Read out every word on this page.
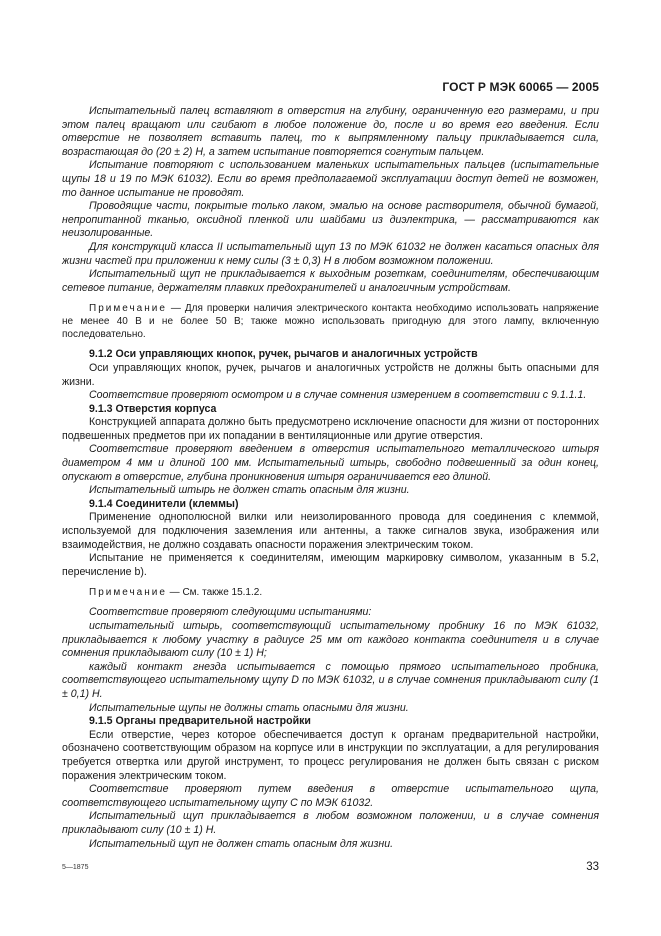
ГОСТ Р МЭК 60065 — 2005

Испытательный палец вставляют в отверстия на глубину, ограниченную его размерами, и при этом палец вращают или сгибают в любое положение до, после и во время его введения. Если отверстие не позволяет вставить палец, то к выпрямленному пальцу прикладывается сила, возрастающая до (20 ± 2) Н, а затем испытание повторяется согнутым пальцем.

Испытание повторяют с использованием маленьких испытательных пальцев (испытательные щупы 18 и 19 по МЭК 61032). Если во время предполагаемой эксплуатации доступ детей не возможен, то данное испытание не проводят.

Проводящие части, покрытые только лаком, эмалью на основе растворителя, обычной бумагой, непропитанной тканью, оксидной пленкой или шайбами из диэлектрика, — рассматриваются как неизолированные.

Для конструкций класса II испытательный щуп 13 по МЭК 61032 не должен касаться опасных для жизни частей при приложении к нему силы (3 ± 0,3) Н в любом возможном положении.

Испытательный щуп не прикладывается к выходным розеткам, соединителям, обеспечивающим сетевое питание, держателям плавких предохранителей и аналогичным устройствам.

Примечание — Для проверки наличия электрического контакта необходимо использовать напряжение не менее 40 В и не более 50 В; также можно использовать пригодную для этого лампу, включенную последовательно.

9.1.2 Оси управляющих кнопок, ручек, рычагов и аналогичных устройств

Оси управляющих кнопок, ручек, рычагов и аналогичных устройств не должны быть опасными для жизни.

Соответствие проверяют осмотром и в случае сомнения измерением в соответствии с 9.1.1.1.

9.1.3 Отверстия корпуса

Конструкцией аппарата должно быть предусмотрено исключение опасности для жизни от посторонних подвешенных предметов при их попадании в вентиляционные или другие отверстия.

Соответствие проверяют введением в отверстия испытательного металлического штыря диаметром 4 мм и длиной 100 мм. Испытательный штырь, свободно подвешенный за один конец, опускают в отверстие, глубина проникновения штыря ограничивается его длиной.

Испытательный штырь не должен стать опасным для жизни.

9.1.4 Соединители (клеммы)

Применение однополюсной вилки или неизолированного провода для соединения с клеммой, используемой для подключения заземления или антенны, а также сигналов звука, изображения или взаимодействия, не должно создавать опасности поражения электрическим током.

Испытание не применяется к соединителям, имеющим маркировку символом, указанным в 5.2, перечисление b).

Примечание — См. также 15.1.2.

Соответствие проверяют следующими испытаниями:

испытательный штырь, соответствующий испытательному пробнику 16 по МЭК 61032, прикладывается к любому участку в радиусе 25 мм от каждого контакта соединителя и в случае сомнения прикладывают силу (10 ± 1) Н;

каждый контакт гнезда испытывается с помощью прямого испытательного пробника, соответствующего испытательному щупу D по МЭК 61032, и в случае сомнения прикладывают силу (1 ± 0,1) Н.

Испытательные щупы не должны стать опасными для жизни.

9.1.5 Органы предварительной настройки

Если отверстие, через которое обеспечивается доступ к органам предварительной настройки, обозначено соответствующим образом на корпусе или в инструкции по эксплуатации, а для регулирования требуется отвертка или другой инструмент, то процесс регулирования не должен быть связан с риском поражения электрическим током.

Соответствие проверяют путем введения в отверстие испытательного щупа, соответствующего испытательному щупу С по МЭК 61032.

Испытательный щуп прикладывается в любом возможном положении, и в случае сомнения прикладывают силу (10 ± 1) Н.

Испытательный щуп не должен стать опасным для жизни.

5—1875	33
